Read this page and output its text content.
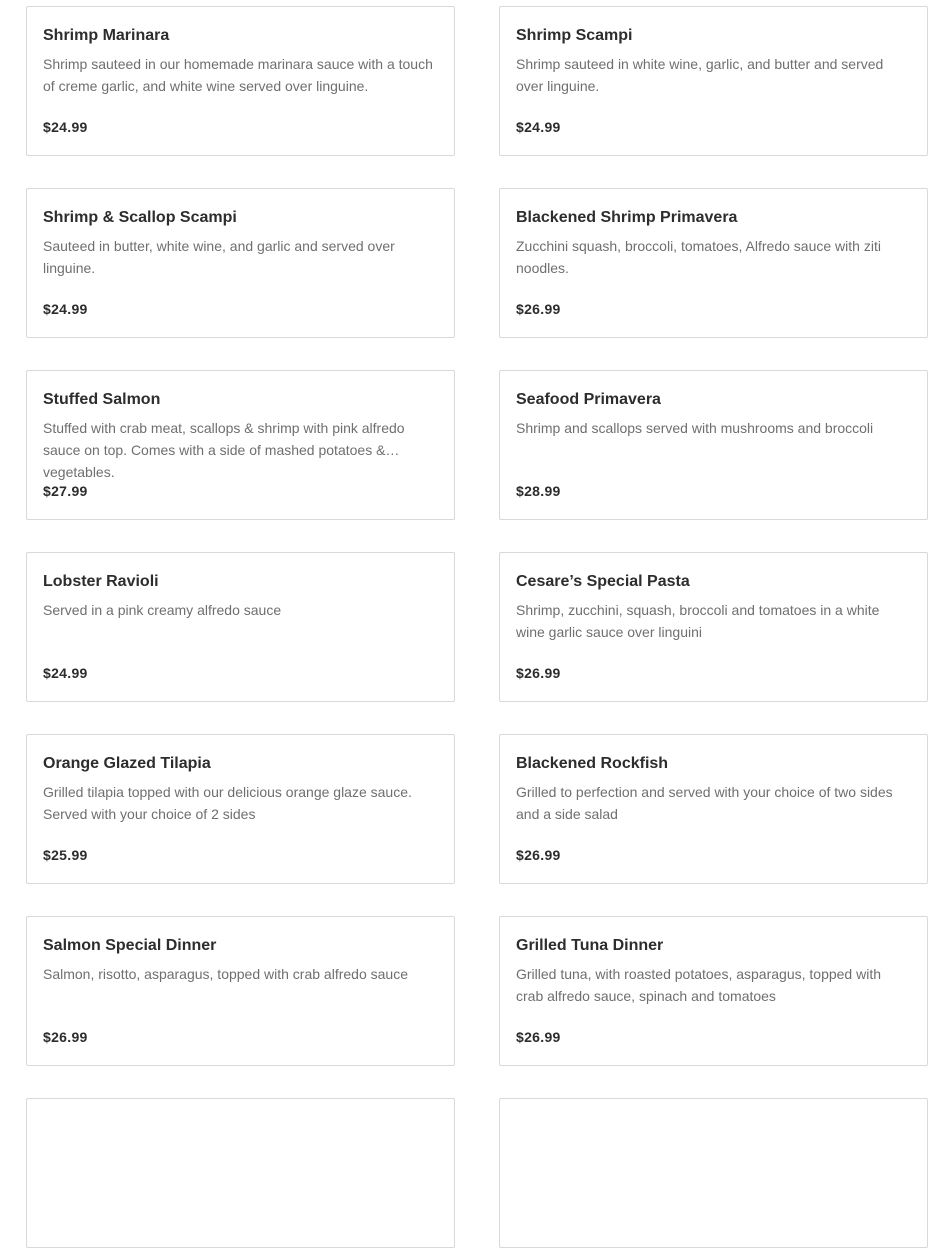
Shrimp Marinara
Shrimp sauteed in our homemade marinara sauce with a touch of creme garlic, and white wine served over linguine.
$24.99
Shrimp Scampi
Shrimp sauteed in white wine, garlic, and butter and served over linguine.
$24.99
Shrimp & Scallop Scampi
Sauteed in butter, white wine, and garlic and served over linguine.
$24.99
Blackened Shrimp Primavera
Zucchini squash, broccoli, tomatoes, Alfredo sauce with ziti noodles.
$26.99
Stuffed Salmon
Stuffed with crab meat, scallops & shrimp with pink alfredo sauce on top. Comes with a side of mashed potatoes & vegetables.
$27.99
Seafood Primavera
Shrimp and scallops served with mushrooms and broccoli
$28.99
Lobster Ravioli
Served in a pink creamy alfredo sauce
$24.99
Cesare’s Special Pasta
Shrimp, zucchini, squash, broccoli and tomatoes in a white wine garlic sauce over linguini
$26.99
Orange Glazed Tilapia
Grilled tilapia topped with our delicious orange glaze sauce. Served with your choice of 2 sides
$25.99
Blackened Rockfish
Grilled to perfection and served with your choice of two sides and a side salad
$26.99
Salmon Special Dinner
Salmon, risotto, asparagus, topped with crab alfredo sauce
$26.99
Grilled Tuna Dinner
Grilled tuna, with roasted potatoes, asparagus, topped with crab alfredo sauce, spinach and tomatoes
$26.99
